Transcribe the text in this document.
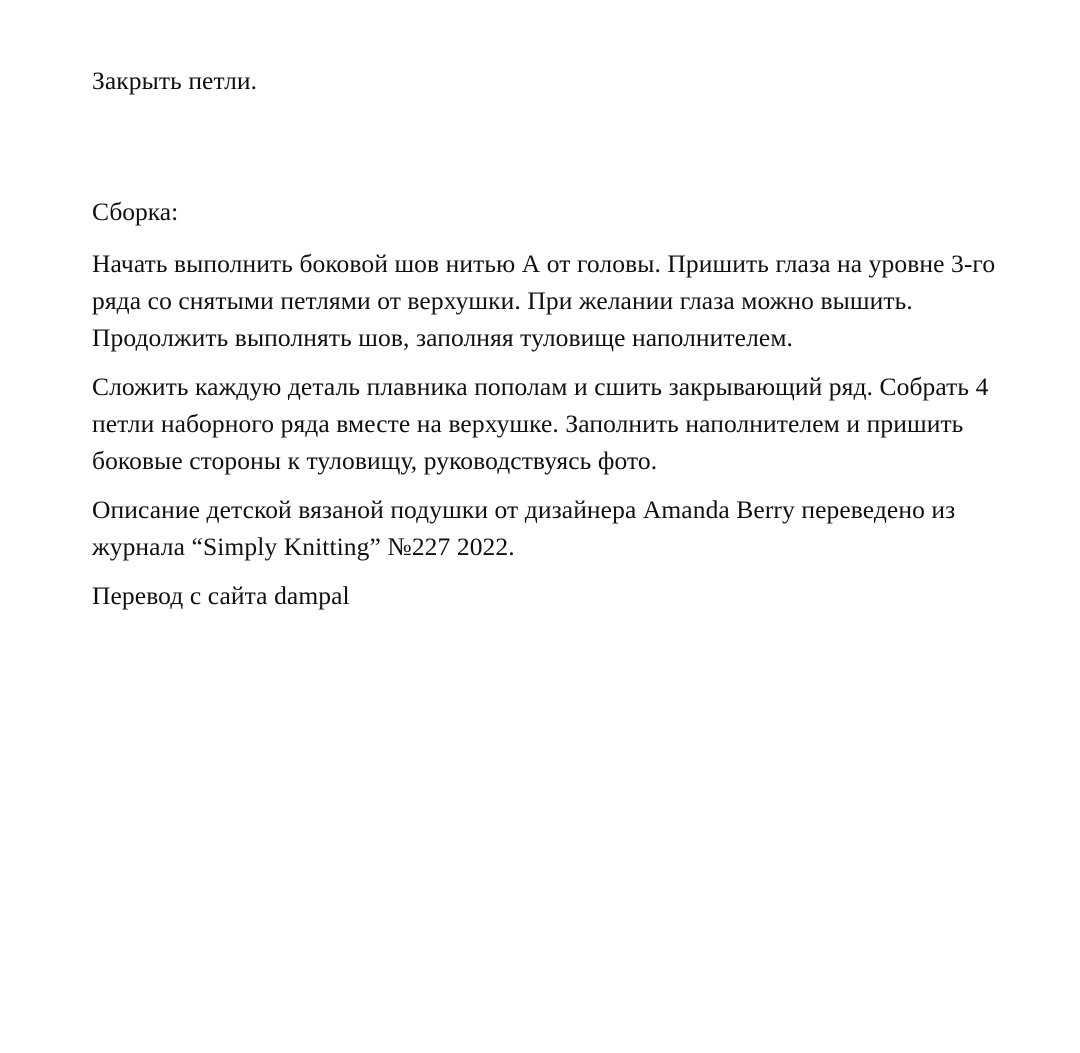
Закрыть петли.

Сборка:

Начать выполнить боковой шов нитью А от головы. Пришить глаза на уровне 3-го ряда со снятыми петлями от верхушки. При желании глаза можно вышить. Продолжить выполнять шов, заполняя туловище наполнителем.

Сложить каждую деталь плавника пополам и сшить закрывающий ряд. Собрать 4 петли наборного ряда вместе на верхушке. Заполнить наполнителем и пришить боковые стороны к туловищу, руководствуясь фото.

Описание детской вязаной подушки от дизайнера Amanda Berry переведено из журнала “Simply Knitting” №227 2022.

Перевод с сайта dampal
